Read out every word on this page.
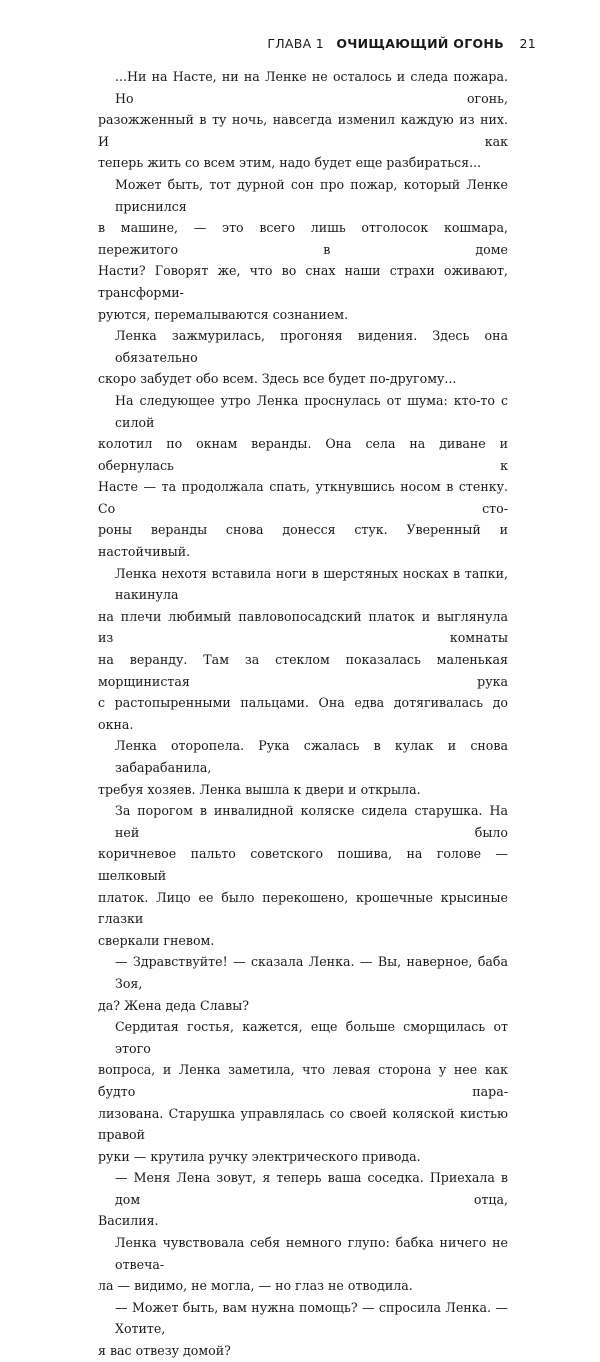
ГЛАВА 1 ОЧИЩАЮЩИЙ ОГОНЬ 21

...Ни на Насте, ни на Ленке не осталось и следа пожара. Но огонь,
разожженный в ту ночь, навсегда изменил каждую из них. И как
теперь жить со всем этим, надо будет еще разбираться...

Может быть, тот дурной сон про пожар, который Ленке приснился
в машине, — это всего лишь отголосок кошмара, пережитого в доме
Насти? Говорят же, что во снах наши страхи оживают, трансформи-
руются, перемалываются сознанием.

Ленка зажмурилась, прогоняя видения. Здесь она обязательно
скоро забудет обо всем. Здесь все будет по-другому...

На следующее утро Ленка проснулась от шума: кто-то с силой
колотил по окнам веранды. Она села на диване и обернулась к
Насте — та продолжала спать, уткнувшись носом в стенку. Со сто-
роны веранды снова донесся стук. Уверенный и настойчивый.

Ленка нехотя вставила ноги в шерстяных носках в тапки, накинула
на плечи любимый павловопосадский платок и выглянула из комнаты
на веранду. Там за стеклом показалась маленькая морщинистая рука
с растопыренными пальцами. Она едва дотягивалась до окна.

Ленка оторопела. Рука сжалась в кулак и снова забарабанила,
требуя хозяев. Ленка вышла к двери и открыла.

За порогом в инвалидной коляске сидела старушка. На ней было
коричневое пальто советского пошива, на голове — шелковый
платок. Лицо ее было перекошено, крошечные крысиные глазки
сверкали гневом.

— Здравствуйте! — сказала Ленка. — Вы, наверное, баба Зоя,
да? Жена деда Славы?

Сердитая гостья, кажется, еще больше сморщилась от этого
вопроса, и Ленка заметила, что левая сторона у нее как будто пара-
лизована. Старушка управлялась со своей коляской кистью правой
руки — крутила ручку электрического привода.

— Меня Лена зовут, я теперь ваша соседка. Приехала в дом отца,
Василия.

Ленка чувствовала себя немного глупо: бабка ничего не отвеча-
ла — видимо, не могла, — но глаз не отводила.

— Может быть, вам нужна помощь? — спросила Ленка. — Хотите,
я вас отвезу домой?
